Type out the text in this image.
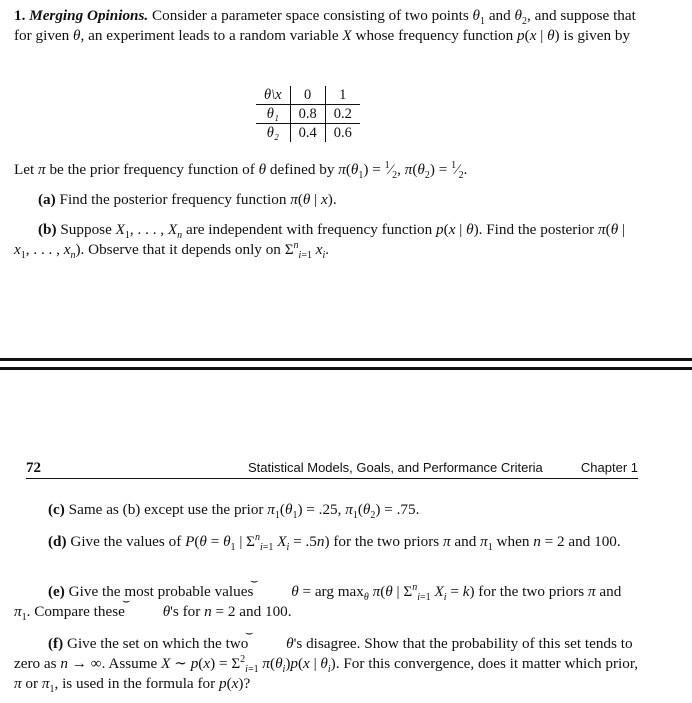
1. Merging Opinions. Consider a parameter space consisting of two points $\theta_1$ and $\theta_2$, and suppose that for given θ, an experiment leads to a random variable X whose frequency function p(x | θ) is given by
θ\x	0	1
θ₁	0.8	0.2
θ₂	0.4	0.6
Let π be the prior frequency function of θ defined by $\pi(\theta_1)$ = $^1⁄_2$, $\pi(\theta_2)$ = $^1⁄_2$.
(a) Find the posterior frequency function π(θ | x).
(b) Suppose $X_1$, . . . , $X_n$ are independent with frequency function p(x | θ). Find the posterior π(θ | $x_1$, . . . , $x_n$). Observe that it depends only on $\Sigma^n_{i=1}$ $x_i$.
72	Statistical Models, Goals, and Performance Criteria	Chapter 1
(c) Same as (b) except use the prior $\pi_1(\theta_1) = .25$, $\pi_1(\theta_2) = .75$.
(d) Give the values of $P(\theta = \theta_1$ | $\Sigma^n_{i=1}$ $X_i = .5n$) for the two priors π and $\pi_1$ when n = 2 and 100.
(e) Give the most probable values ⌢ θ = arg $\max_\theta \pi(\theta$ | $\Sigma^n_{i=1}$ $X_i = k$) for the two priors π and $\pi_1$. Compare these ⌢ θ's for n = 2 and 100.
(f) Give the set on which the two ⌢ θ's disagree. Show that the probability of this set tends to zero as n → ∞. Assume X ∼ $p(x) = \Sigma^2_{i=1}$ $\pi(\theta_i)p(x$ | $\theta_i$). For this convergence, does it matter which prior, π or $\pi_1$, is used in the formula for p(x)?
